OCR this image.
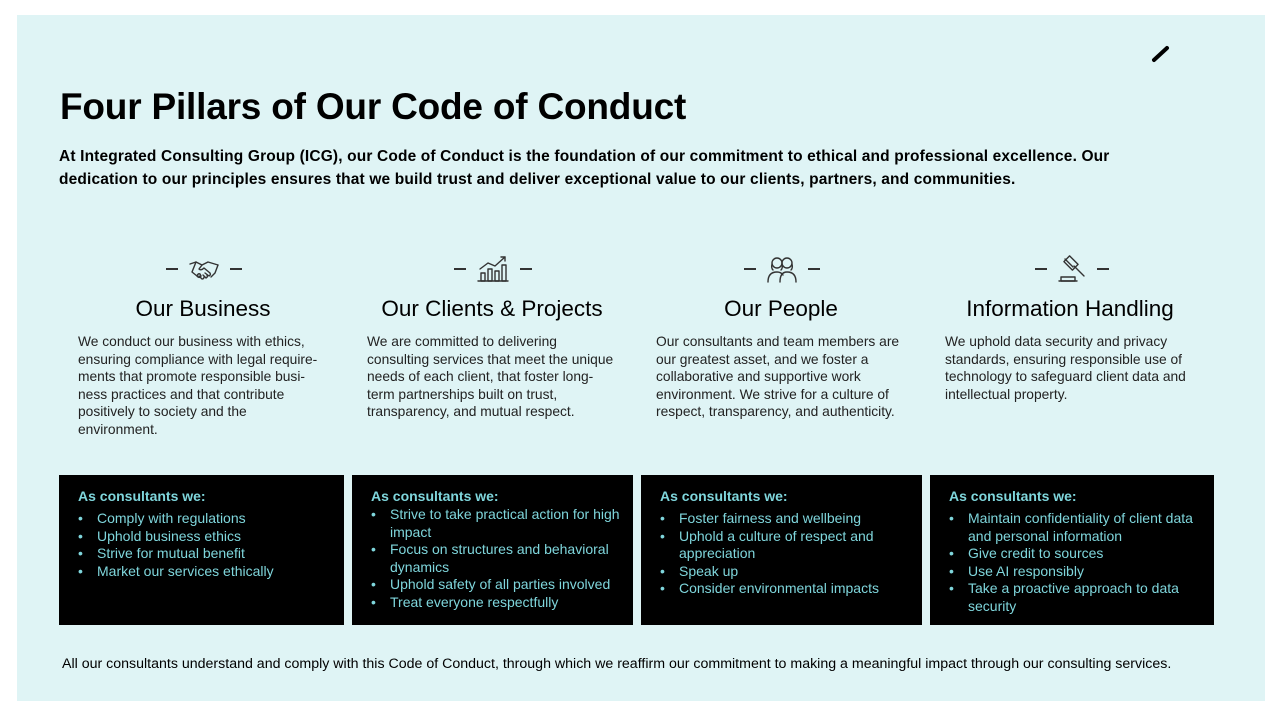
Four Pillars of Our Code of Conduct
At Integrated Consulting Group (ICG), our Code of Conduct is the foundation of our commitment to ethical and professional excellence. Our dedication to our principles ensures that we build trust and deliver exceptional value to our clients, partners, and communities.
Our Business
We conduct our business with ethics, ensuring compliance with legal require-ments that promote responsible busi-ness practices and that contribute positively to society and the environment.
Our Clients & Projects
We are committed to delivering consulting services that meet the unique needs of each client, that foster long-term partnerships built on trust, transparency, and mutual respect.
Our People
Our consultants and team members are our greatest asset, and we foster a collaborative and supportive work environment. We strive for a culture of respect, transparency, and authenticity.
Information Handling
We uphold data security and privacy standards, ensuring responsible use of technology to safeguard client data and intellectual property.
As consultants we:
• Comply with regulations
• Uphold business ethics
• Strive for mutual benefit
• Market our services ethically
As consultants we:
• Strive to take practical action for high impact
• Focus on structures and behavioral dynamics
• Uphold safety of all parties involved
• Treat everyone respectfully
As consultants we:
• Foster fairness and wellbeing
• Uphold a culture of respect and appreciation
• Speak up
• Consider environmental impacts
As consultants we:
• Maintain confidentiality of client data and personal information
• Give credit to sources
• Use AI responsibly
• Take a proactive approach to data security
All our consultants understand and comply with this Code of Conduct, through which we reaffirm our commitment to making a meaningful impact through our consulting services.
